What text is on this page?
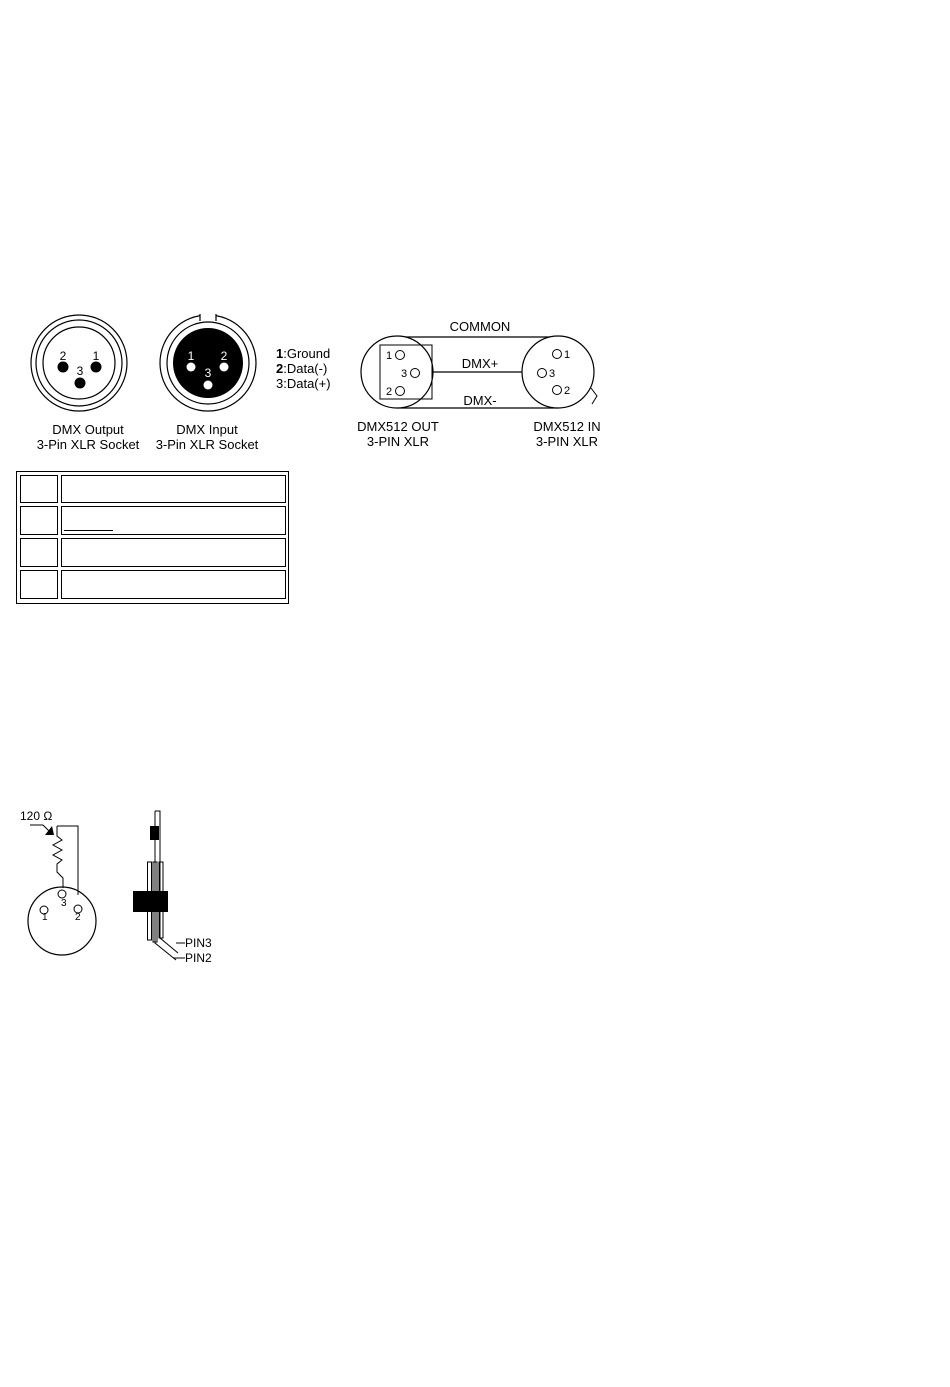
2 1
3
DMX Output
3-Pin XLR Socket
1 2
3
DMX Input
3-Pin XLR Socket
1:Ground
2:Data(-)
3:Data(+)
1
2
3
1
2
3
COMMON
DMX+
DMX-
DMX512 OUT
3-PIN XLR
DMX512 IN
3-PIN XLR
120 Ω
3
1	2
PIN3
PIN2
